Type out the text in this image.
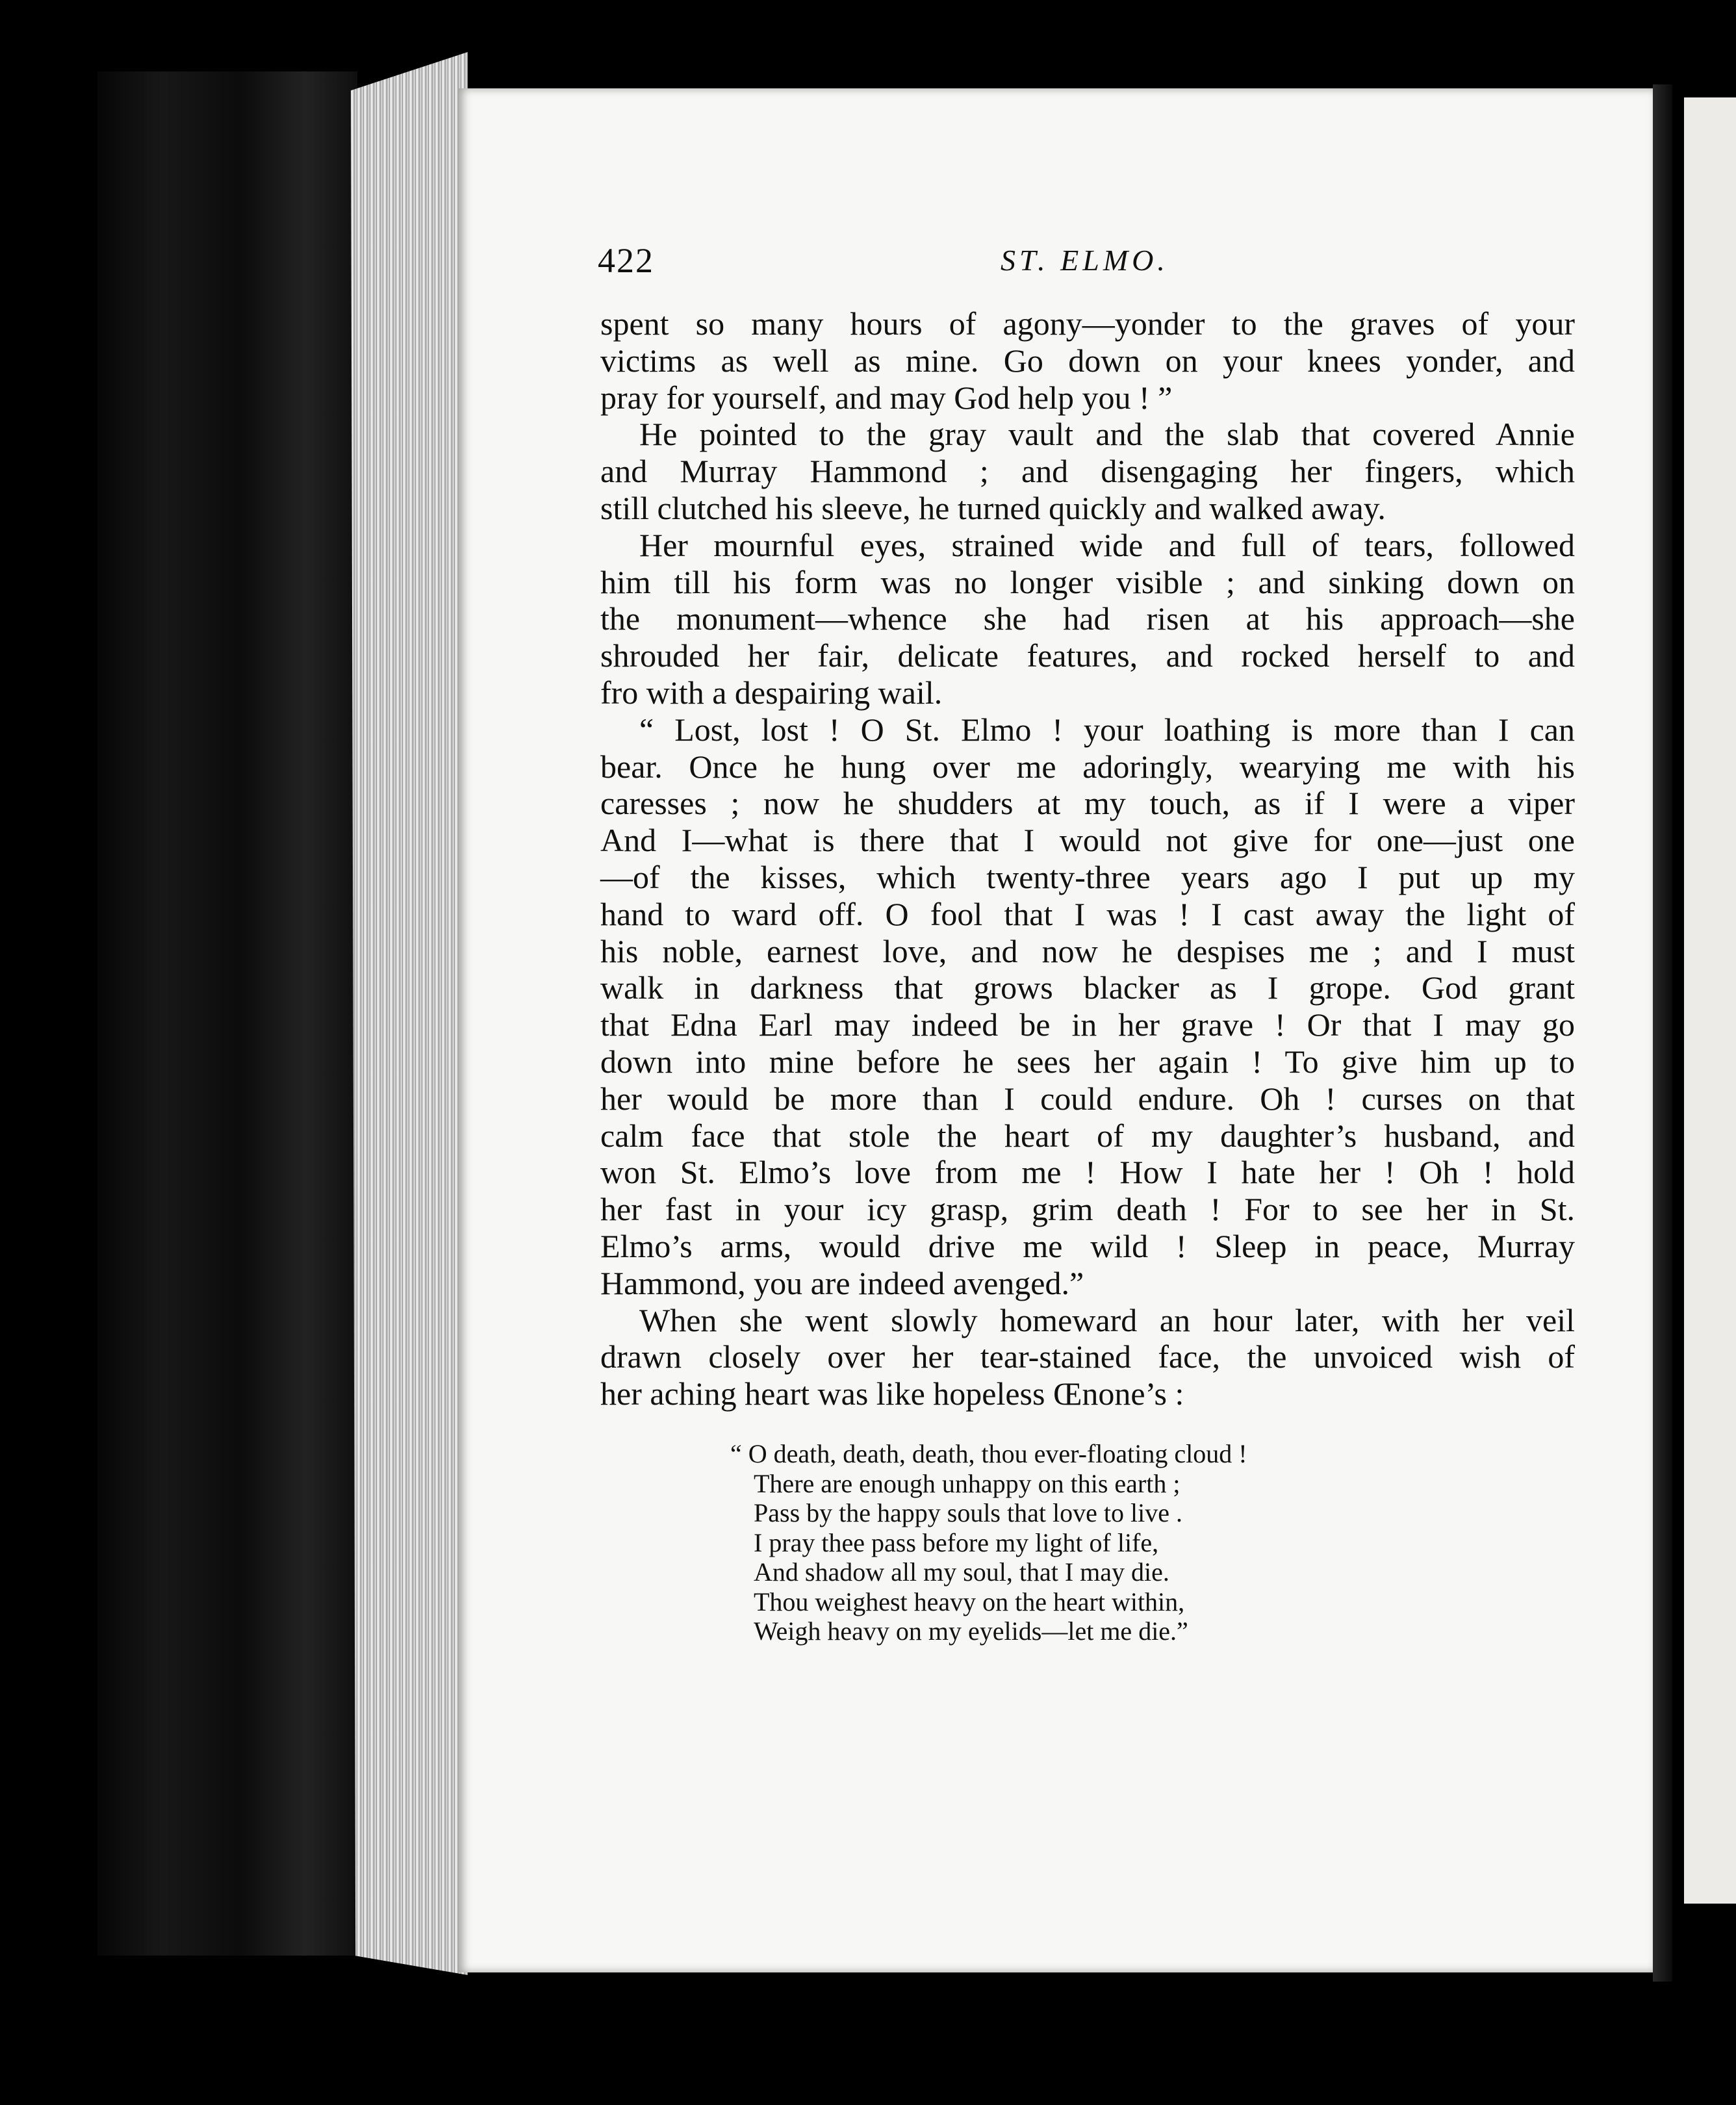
422	ST. ELMO.
spent so many hours of agony—yonder to the graves of your
victims as well as mine. Go down on your knees yonder, and
pray for yourself, and may God help you ! ”
He pointed to the gray vault and the slab that covered Annie
and Murray Hammond ; and disengaging her fingers, which
still clutched his sleeve, he turned quickly and walked away.
Her mournful eyes, strained wide and full of tears, followed
him till his form was no longer visible ; and sinking down on
the monument—whence she had risen at his approach—she
shrouded her fair, delicate features, and rocked herself to and
fro with a despairing wail.
“ Lost, lost ! O St. Elmo ! your loathing is more than I can
bear. Once he hung over me adoringly, wearying me with his
caresses ; now he shudders at my touch, as if I were a viper
And I—what is there that I would not give for one—just one
—of the kisses, which twenty-three years ago I put up my
hand to ward off. O fool that I was ! I cast away the light of
his noble, earnest love, and now he despises me ; and I must
walk in darkness that grows blacker as I grope. God grant
that Edna Earl may indeed be in her grave ! Or that I may go
down into mine before he sees her again ! To give him up to
her would be more than I could endure. Oh ! curses on that
calm face that stole the heart of my daughter’s husband, and
won St. Elmo’s love from me ! How I hate her ! Oh ! hold
her fast in your icy grasp, grim death ! For to see her in St.
Elmo’s arms, would drive me wild ! Sleep in peace, Murray
Hammond, you are indeed avenged.”
When she went slowly homeward an hour later, with her veil
drawn closely over her tear-stained face, the unvoiced wish of
her aching heart was like hopeless Œnone’s :
“ O death, death, death, thou ever-floating cloud !
There are enough unhappy on this earth ;
Pass by the happy souls that love to live .
I pray thee pass before my light of life,
And shadow all my soul, that I may die.
Thou weighest heavy on the heart within,
Weigh heavy on my eyelids—let me die.”
